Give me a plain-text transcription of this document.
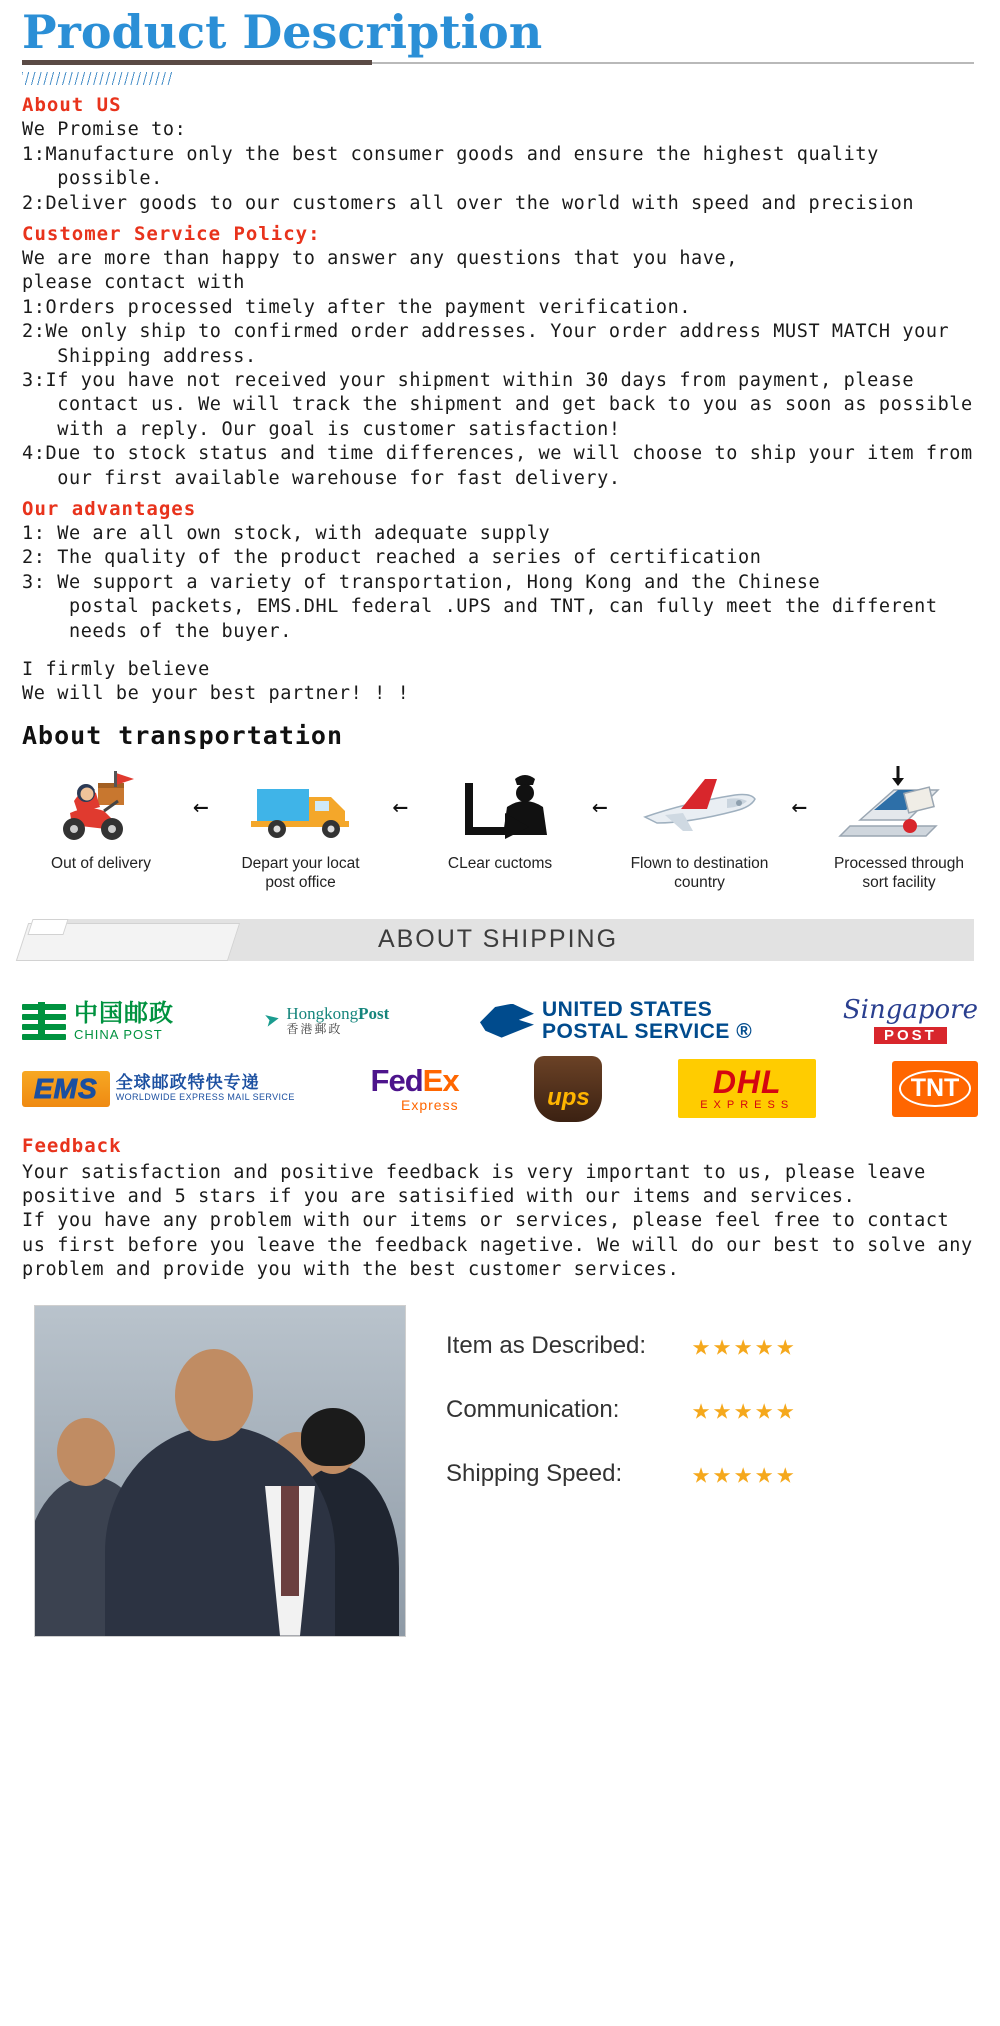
Product Description
About US
We Promise to:
1:Manufacture only the best consumer goods and ensure the highest quality
possible.
2:Deliver goods to our customers all over the world with speed and precision
Customer Service Policy:
We are more than happy to answer any questions that you have,
please contact with
1:Orders processed timely after the payment verification.
2:We only ship to confirmed order addresses. Your order address MUST MATCH your
Shipping address.
3:If you have not received your shipment within 30 days from payment, please
contact us. We will track the shipment and get back to you as soon as possible
with a reply. Our goal is customer satisfaction!
4:Due to stock status and time differences, we will choose to ship your item from
our first available warehouse for fast delivery.
Our advantages
1: We are all own stock, with adequate supply
2: The quality of the product reached a series of certification
3: We support a variety of transportation, Hong Kong and the Chinese
postal packets, EMS.DHL federal .UPS and TNT, can fully meet the different
needs of the buyer.
I firmly believe
We will be your best partner! ! !
About transportation
Out of delivery
←
Depart your locat post office
←
CLear cuctoms
←
Flown to destination country
←
Processed through sort facility
ABOUT SHIPPING
中国邮政
CHINA POST	➤ HongkongPost
香港郵政
UNITED STATES
POSTAL SERVICE ®
Singapore
POST
EMS	全球邮政特快专递
WORLDWIDE EXPRESS MAIL SERVICE FedEx
Express	ups	DHL
EXPRESS
TNT
Feedback
Your satisfaction and positive feedback is very important to us, please leave
positive and 5 stars if you are satisified with our items and services.
If you have any problem with our items or services, please feel free to contact
us first before you leave the feedback nagetive. We will do our best to solve any
problem and provide you with the best customer services.
Item as Described:	★★★★★
Communication:	★★★★★
Shipping Speed:	★★★★★
